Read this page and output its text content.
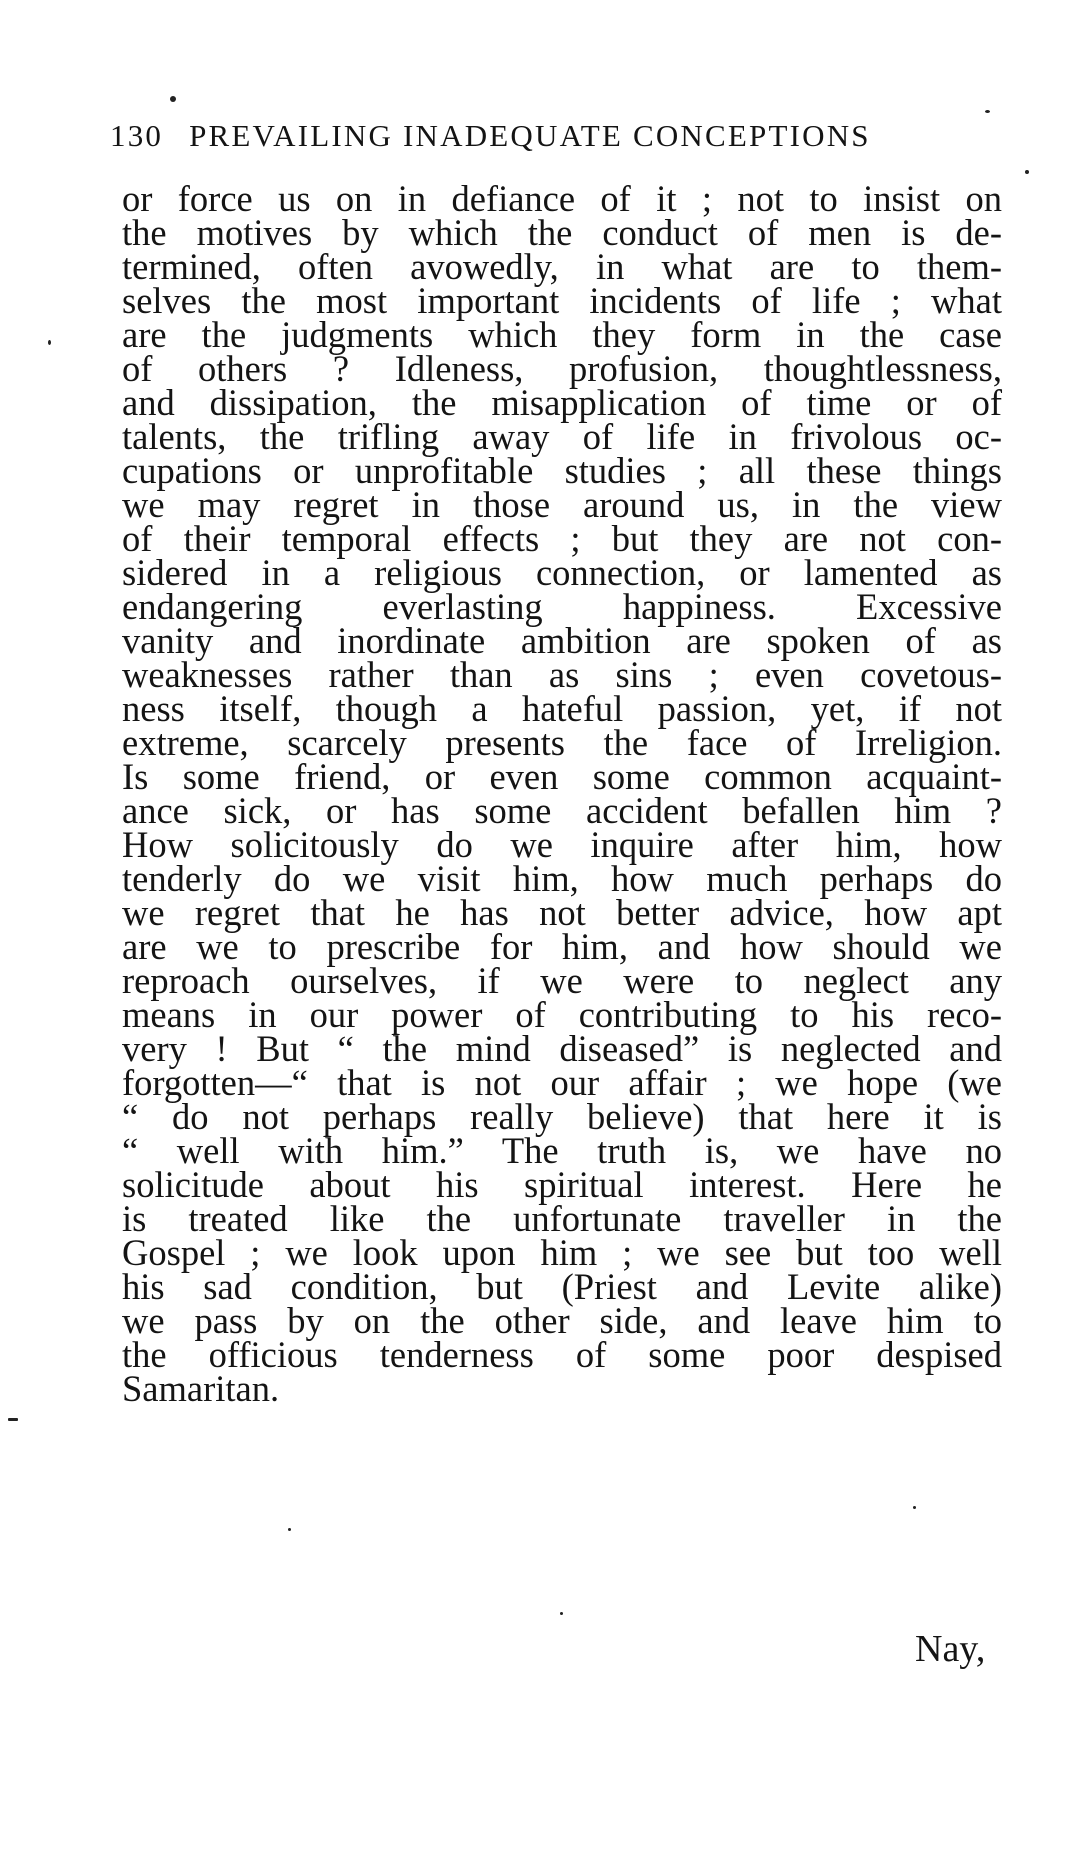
130 PREVAILING INADEQUATE CONCEPTIONS
or force us on in defiance of it ; not to insist on
the motives by which the conduct of men is de-
termined, often avowedly, in what are to them-
selves the most important incidents of life ; what
are the judgments which they form in the case
of others ? Idleness, profusion, thoughtlessness,
and dissipation, the misapplication of time or of
talents, the trifling away of life in frivolous oc-
cupations or unprofitable studies ; all these things
we may regret in those around us, in the view
of their temporal effects ; but they are not con-
sidered in a religious connection, or lamented as
endangering everlasting happiness. Excessive
vanity and inordinate ambition are spoken of as
weaknesses rather than as sins ; even covetous-
ness itself, though a hateful passion, yet, if not
extreme, scarcely presents the face of Irreligion.
Is some friend, or even some common acquaint-
ance sick, or has some accident befallen him ?
How solicitously do we inquire after him, how
tenderly do we visit him, how much perhaps do
we regret that he has not better advice, how apt
are we to prescribe for him, and how should we
reproach ourselves, if we were to neglect any
means in our power of contributing to his reco-
very ! But “ the mind diseased” is neglected and
forgotten—“ that is not our affair ; we hope (we
“ do not perhaps really believe) that here it is
“ well with him.” The truth is, we have no
solicitude about his spiritual interest. Here he
is treated like the unfortunate traveller in the
Gospel ; we look upon him ; we see but too well
his sad condition, but (Priest and Levite alike)
we pass by on the other side, and leave him to
the officious tenderness of some poor despised
Samaritan.
Nay,
